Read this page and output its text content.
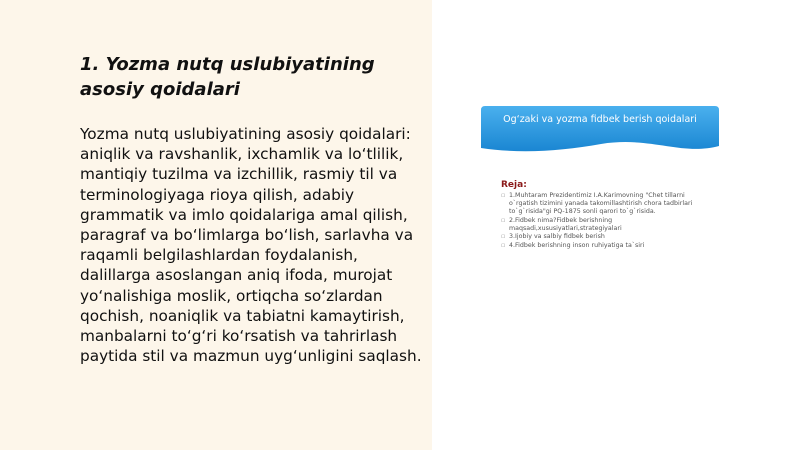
1. Yozma nutq uslubiyatining asosiy qoidalari

Yozma nutq uslubiyatining asosiy qoidalari: aniqlik va ravshanlik, ixchamlik va lo‘tlilik, mantiqiy tuzilma va izchillik, rasmiy til va terminologiyaga rioya qilish, adabiy grammatik va imlo qoidalariga amal qilish, paragraf va bo‘limlarga bo‘lish, sarlavha va raqamli belgilashlardan foydalanish, dalillarga asoslangan aniq ifoda, murojat yo‘nalishiga moslik, ortiqcha so‘zlardan qochish, noaniqlik va tabiatni kamaytirish, manbalarni to‘g‘ri ko‘rsatish va tahrirlash paytida stil va mazmun uyg‘unligini saqlash.

Og‘zaki va yozma fidbek berish qoidalari
Reja:
▫ 1.Muhtaram Prezidentimiz I.A.Karimovning "Chet tillarni o`rgatish tizimini yanada takomillashtirish chora tadbirlari to`g`risida"gi PQ-1875 sonli qarori to`g`risida.
▫ 2.Fidbek nima?Fidbek berishning maqsadi,xususiyatlari,strategiyalari
▫ 3.Ijobiy va salbiy fidbek berish
▫ 4.Fidbek berishning inson ruhiyatiga ta`siri
